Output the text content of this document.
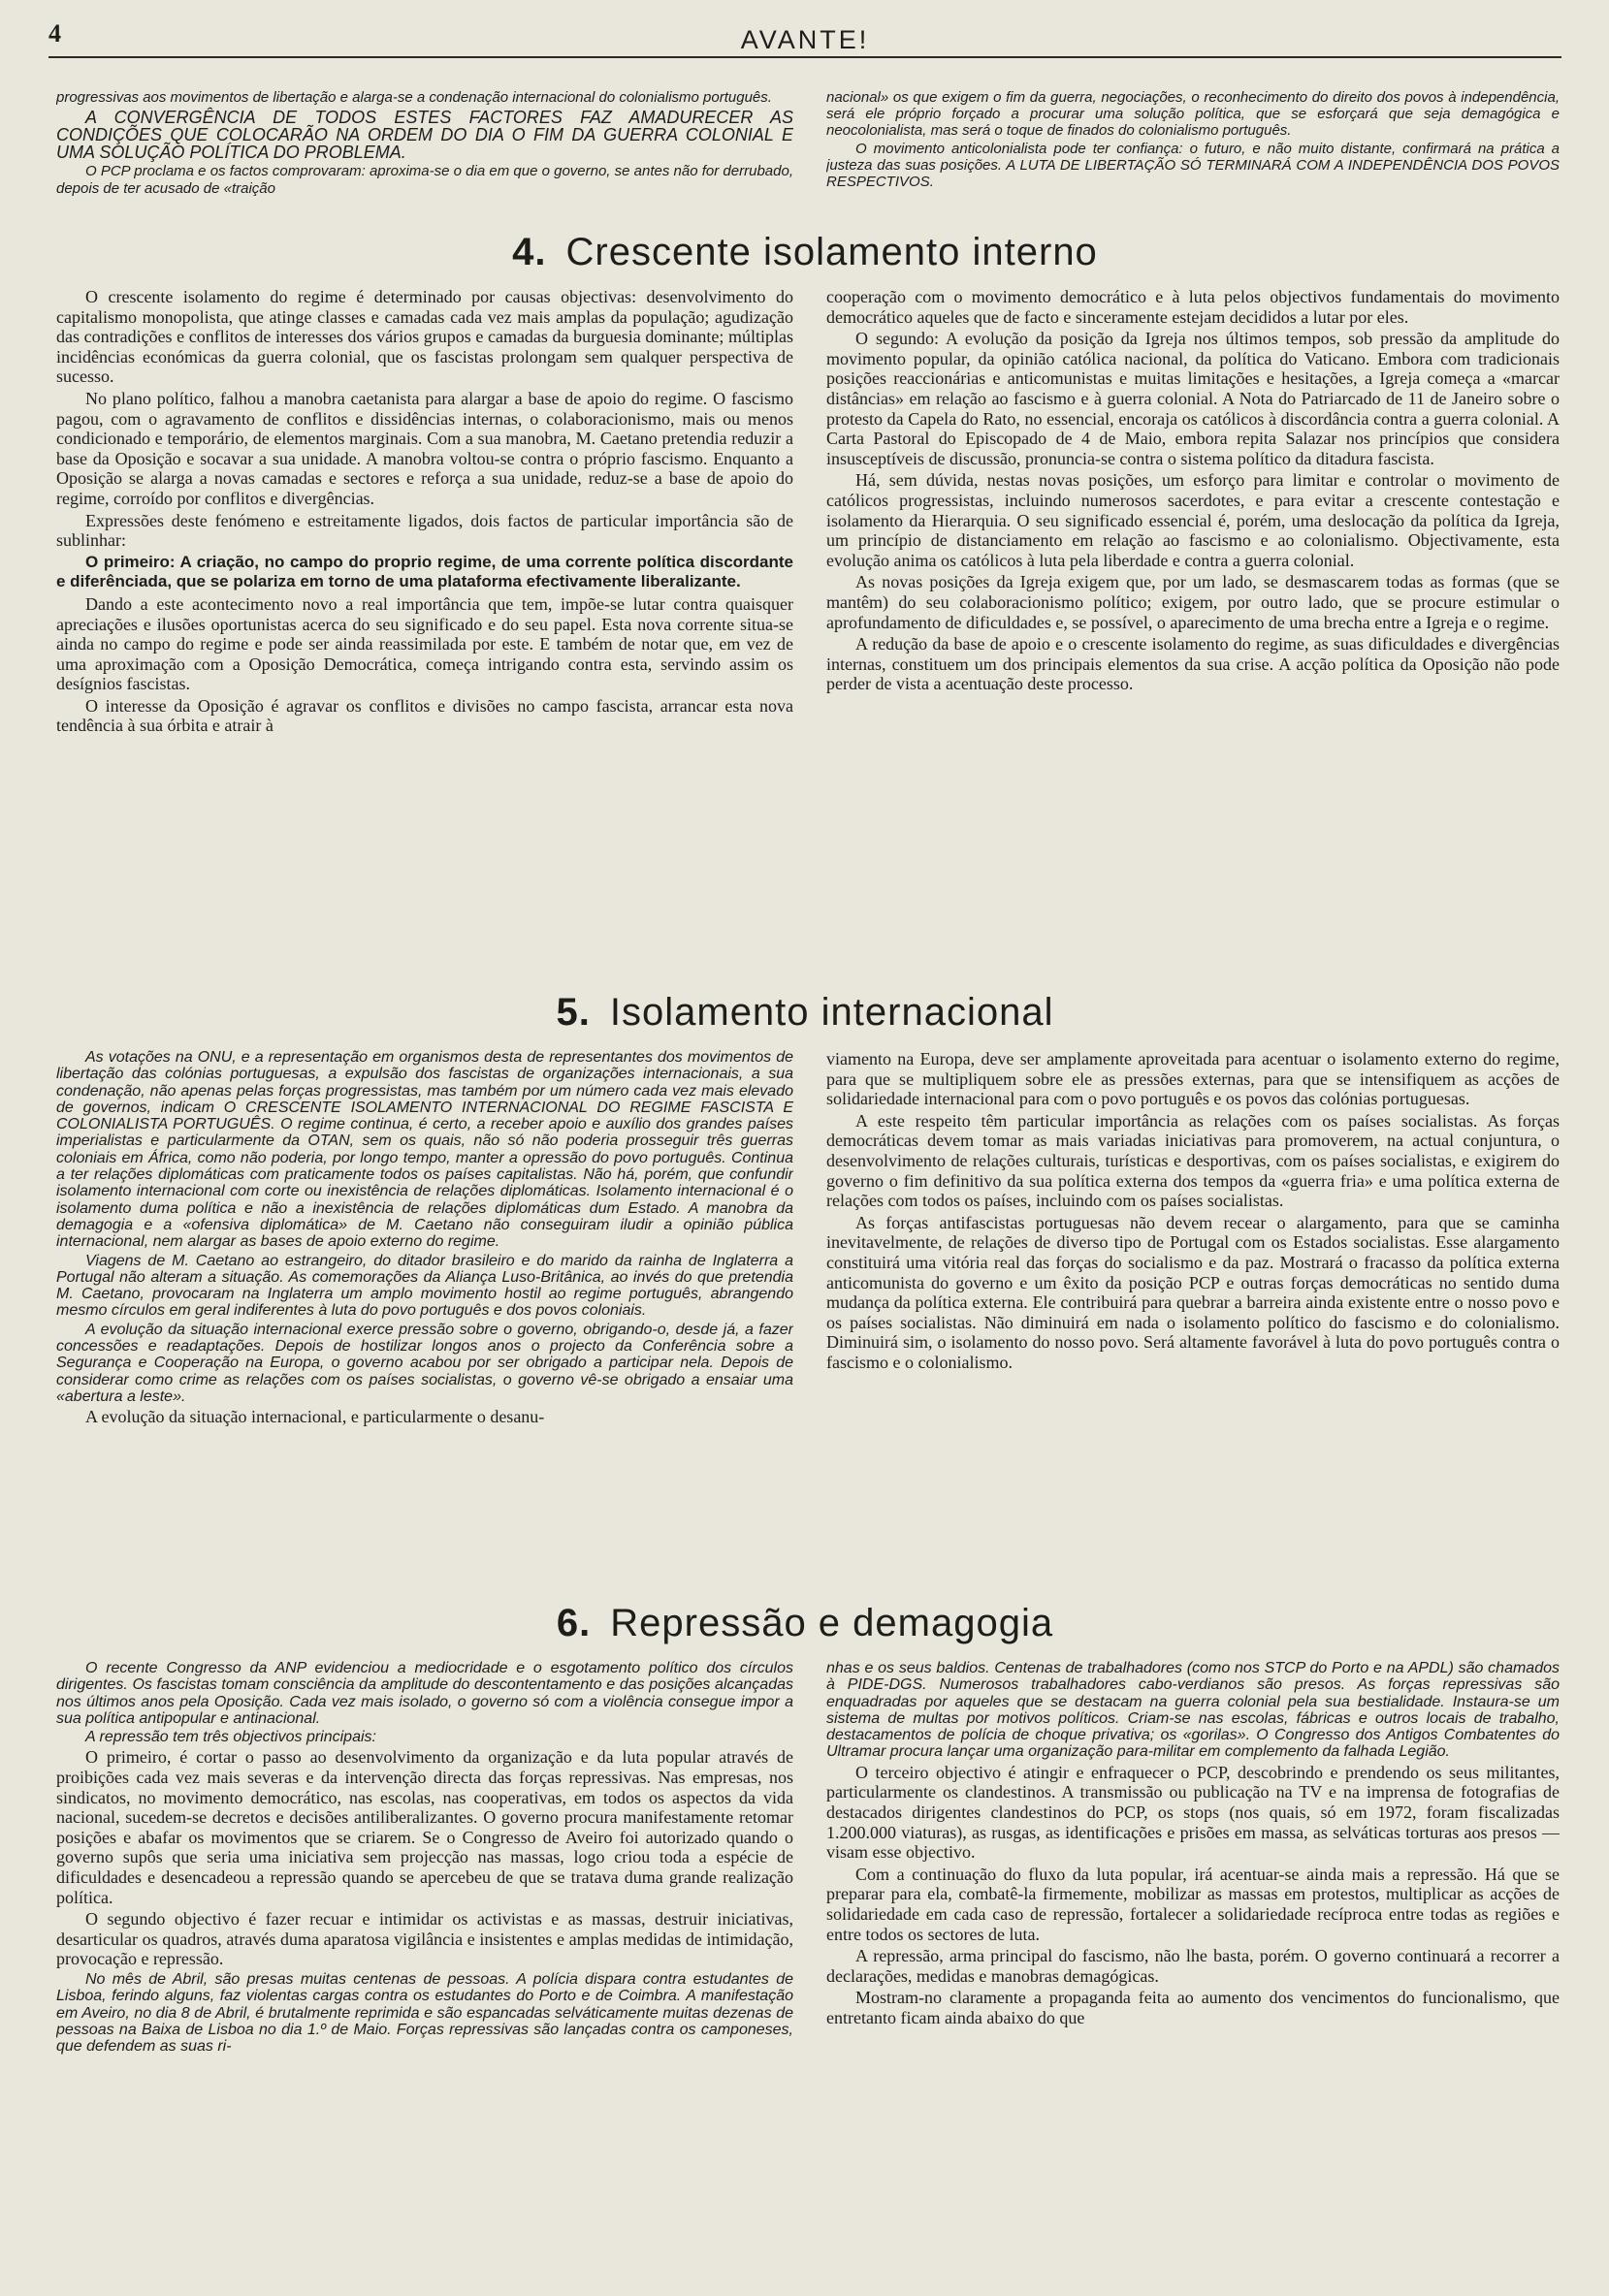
4	AVANTE!

progressivas aos movimentos de libertação e alarga-se a condenação internacional do colonialismo português.

A CONVERGÊNCIA DE TODOS ESTES FACTORES FAZ AMADURECER AS CONDIÇÕES QUE COLOCARÃO NA ORDEM DO DIA O FIM DA GUERRA COLONIAL E UMA SOLUÇÃO POLÍTICA DO PROBLEMA.

O PCP proclama e os factos comprovaram: aproxima-se o dia em que o governo, se antes não for derrubado, depois de ter acusado de «traição

nacional» os que exigem o fim da guerra, negociações, o reconhecimento do direito dos povos à independência, será ele próprio forçado a procurar uma solução política, que se esforçará que seja demagógica e neocolonialista, mas será o toque de finados do colonialismo português.

O movimento anticolonialista pode ter confiança: o futuro, e não muito distante, confirmará na prática a justeza das suas posições. A LUTA DE LIBERTAÇÃO SÓ TERMINARÁ COM A INDEPENDÊNCIA DOS POVOS RESPECTIVOS.

4. Crescente isolamento interno

O crescente isolamento do regime é determinado por causas objectivas: desenvolvimento do capitalismo monopolista, que atinge classes e camadas cada vez mais amplas da população; agudização das contradições e conflitos de interesses dos vários grupos e camadas da burguesia dominante; múltiplas incidências económicas da guerra colonial, que os fascistas prolongam sem qualquer perspectiva de sucesso.

No plano político, falhou a manobra caetanista para alargar a base de apoio do regime. O fascismo pagou, com o agravamento de conflitos e dissidências internas, o colaboracionismo, mais ou menos condicionado e temporário, de elementos marginais. Com a sua manobra, M. Caetano pretendia reduzir a base da Oposição e socavar a sua unidade. A manobra voltou-se contra o próprio fascismo. Enquanto a Oposição se alarga a novas camadas e sectores e reforça a sua unidade, reduz-se a base de apoio do regime, corroído por conflitos e divergências.

Expressões deste fenómeno e estreitamente ligados, dois factos de particular importância são de sublinhar:

O primeiro: A criação, no campo do proprio regime, de uma corrente política discordante e diferênciada, que se polariza em torno de uma plataforma efectivamente liberalizante.

Dando a este acontecimento novo a real importância que tem, impõe-se lutar contra quaisquer apreciações e ilusões oportunistas acerca do seu significado e do seu papel. Esta nova corrente situa-se ainda no campo do regime e pode ser ainda reassimilada por este. E também de notar que, em vez de uma aproximação com a Oposição Democrática, começa intrigando contra esta, servindo assim os desígnios fascistas.

O interesse da Oposição é agravar os conflitos e divisões no campo fascista, arrancar esta nova tendência à sua órbita e atrair à

cooperação com o movimento democrático e à luta pelos objectivos fundamentais do movimento democrático aqueles que de facto e sinceramente estejam decididos a lutar por eles.

O segundo: A evolução da posição da Igreja nos últimos tempos, sob pressão da amplitude do movimento popular, da opinião católica nacional, da política do Vaticano. Embora com tradicionais posições reaccionárias e anticomunistas e muitas limitações e hesitações, a Igreja começa a «marcar distâncias» em relação ao fascismo e à guerra colonial. A Nota do Patriarcado de 11 de Janeiro sobre o protesto da Capela do Rato, no essencial, encoraja os católicos à discordância contra a guerra colonial. A Carta Pastoral do Episcopado de 4 de Maio, embora repita Salazar nos princípios que considera insusceptíveis de discussão, pronuncia-se contra o sistema político da ditadura fascista.

Há, sem dúvida, nestas novas posições, um esforço para limitar e controlar o movimento de católicos progressistas, incluindo numerosos sacerdotes, e para evitar a crescente contestação e isolamento da Hierarquia. O seu significado essencial é, porém, uma deslocação da política da Igreja, um princípio de distanciamento em relação ao fascismo e ao colonialismo. Objectivamente, esta evolução anima os católicos à luta pela liberdade e contra a guerra colonial.

As novas posições da Igreja exigem que, por um lado, se desmascarem todas as formas (que se mantêm) do seu colaboracionismo político; exigem, por outro lado, que se procure estimular o aprofundamento de dificuldades e, se possível, o aparecimento de uma brecha entre a Igreja e o regime.

A redução da base de apoio e o crescente isolamento do regime, as suas dificuldades e divergências internas, constituem um dos principais elementos da sua crise. A acção política da Oposição não pode perder de vista a acentuação deste processo.

5. Isolamento internacional

As votações na ONU, e a representação em organismos desta de representantes dos movimentos de libertação das colónias portuguesas, a expulsão dos fascistas de organizações internacionais, a sua condenação, não apenas pelas forças progressistas, mas também por um número cada vez mais elevado de governos, indicam O CRESCENTE ISOLAMENTO INTERNACIONAL DO REGIME FASCISTA E COLONIALISTA PORTUGUÊS. O regime continua, é certo, a receber apoio e auxílio dos grandes países imperialistas e particularmente da OTAN, sem os quais, não só não poderia prosseguir três guerras coloniais em África, como não poderia, por longo tempo, manter a opressão do povo português. Continua a ter relações diplomáticas com praticamente todos os países capitalistas. Não há, porém, que confundir isolamento internacional com corte ou inexistência de relações diplomáticas. Isolamento internacional é o isolamento duma política e não a inexistência de relações diplomáticas dum Estado. A manobra da demagogia e a «ofensiva diplomática» de M. Caetano não conseguiram iludir a opinião pública internacional, nem alargar as bases de apoio externo do regime.

Viagens de M. Caetano ao estrangeiro, do ditador brasileiro e do marido da rainha de Inglaterra a Portugal não alteram a situação. As comemorações da Aliança Luso-Britânica, ao invés do que pretendia M. Caetano, provocaram na Inglaterra um amplo movimento hostil ao regime português, abrangendo mesmo círculos em geral indiferentes à luta do povo português e dos povos coloniais.

A evolução da situação internacional exerce pressão sobre o governo, obrigando-o, desde já, a fazer concessões e readaptações. Depois de hostilizar longos anos o projecto da Conferência sobre a Segurança e Cooperação na Europa, o governo acabou por ser obrigado a participar nela. Depois de considerar como crime as relações com os países socialistas, o governo vê-se obrigado a ensaiar uma «abertura a leste».

A evolução da situação internacional, e particularmente o desanu-

viamento na Europa, deve ser amplamente aproveitada para acentuar o isolamento externo do regime, para que se multipliquem sobre ele as pressões externas, para que se intensifiquem as acções de solidariedade internacional para com o povo português e os povos das colónias portuguesas.

A este respeito têm particular importância as relações com os países socialistas. As forças democráticas devem tomar as mais variadas iniciativas para promoverem, na actual conjuntura, o desenvolvimento de relações culturais, turísticas e desportivas, com os países socialistas, e exigirem do governo o fim definitivo da sua política externa dos tempos da «guerra fria» e uma política externa de relações com todos os países, incluindo com os países socialistas.

As forças antifascistas portuguesas não devem recear o alargamento, para que se caminha inevitavelmente, de relações de diverso tipo de Portugal com os Estados socialistas. Esse alargamento constituirá uma vitória real das forças do socialismo e da paz. Mostrará o fracasso da política externa anticomunista do governo e um êxito da posição PCP e outras forças democráticas no sentido duma mudança da política externa. Ele contribuirá para quebrar a barreira ainda existente entre o nosso povo e os países socialistas. Não diminuirá em nada o isolamento político do fascismo e do colonialismo. Diminuirá sim, o isolamento do nosso povo. Será altamente favorável à luta do povo português contra o fascismo e o colonialismo.

6. Repressão e demagogia

O recente Congresso da ANP evidenciou a mediocridade e o esgotamento político dos círculos dirigentes. Os fascistas tomam consciência da amplitude do descontentamento e das posições alcançadas nos últimos anos pela Oposição. Cada vez mais isolado, o governo só com a violência consegue impor a sua política antipopular e antinacional.

A repressão tem três objectivos principais:

O primeiro, é cortar o passo ao desenvolvimento da organização e da luta popular através de proibições cada vez mais severas e da intervenção directa das forças repressivas. Nas empresas, nos sindicatos, no movimento democrático, nas escolas, nas cooperativas, em todos os aspectos da vida nacional, sucedem-se decretos e decisões antiliberalizantes. O governo procura manifestamente retomar posições e abafar os movimentos que se criarem. Se o Congresso de Aveiro foi autorizado quando o governo supôs que seria uma iniciativa sem projecção nas massas, logo criou toda a espécie de dificuldades e desencadeou a repressão quando se apercebeu de que se tratava duma grande realização política.

O segundo objectivo é fazer recuar e intimidar os activistas e as massas, destruir iniciativas, desarticular os quadros, através duma aparatosa vigilância e insistentes e amplas medidas de intimidação, provocação e repressão.

No mês de Abril, são presas muitas centenas de pessoas. A polícia dispara contra estudantes de Lisboa, ferindo alguns, faz violentas cargas contra os estudantes do Porto e de Coimbra. A manifestação em Aveiro, no dia 8 de Abril, é brutalmente reprimida e são espancadas selváticamente muitas dezenas de pessoas na Baixa de Lisboa no dia 1.º de Maio. Forças repressivas são lançadas contra os camponeses, que defendem as suas ri-

nhas e os seus baldios. Centenas de trabalhadores (como nos STCP do Porto e na APDL) são chamados à PIDE-DGS. Numerosos trabalhadores cabo-verdianos são presos. As forças repressivas são enquadradas por aqueles que se destacam na guerra colonial pela sua bestialidade. Instaura-se um sistema de multas por motivos políticos. Criam-se nas escolas, fábricas e outros locais de trabalho, destacamentos de polícia de choque privativa; os «gorilas». O Congresso dos Antigos Combatentes do Ultramar procura lançar uma organização para-militar em complemento da falhada Legião.

O terceiro objectivo é atingir e enfraquecer o PCP, descobrindo e prendendo os seus militantes, particularmente os clandestinos. A transmissão ou publicação na TV e na imprensa de fotografias de destacados dirigentes clandestinos do PCP, os stops (nos quais, só em 1972, foram fiscalizadas 1.200.000 viaturas), as rusgas, as identificações e prisões em massa, as selváticas torturas aos presos — visam esse objectivo.

Com a continuação do fluxo da luta popular, irá acentuar-se ainda mais a repressão. Há que se preparar para ela, combatê-la firmemente, mobilizar as massas em protestos, multiplicar as acções de solidariedade em cada caso de repressão, fortalecer a solidariedade recíproca entre todas as regiões e entre todos os sectores de luta.

A repressão, arma principal do fascismo, não lhe basta, porém. O governo continuará a recorrer a declarações, medidas e manobras demagógicas.

Mostram-no claramente a propaganda feita ao aumento dos vencimentos do funcionalismo, que entretanto ficam ainda abaixo do que
